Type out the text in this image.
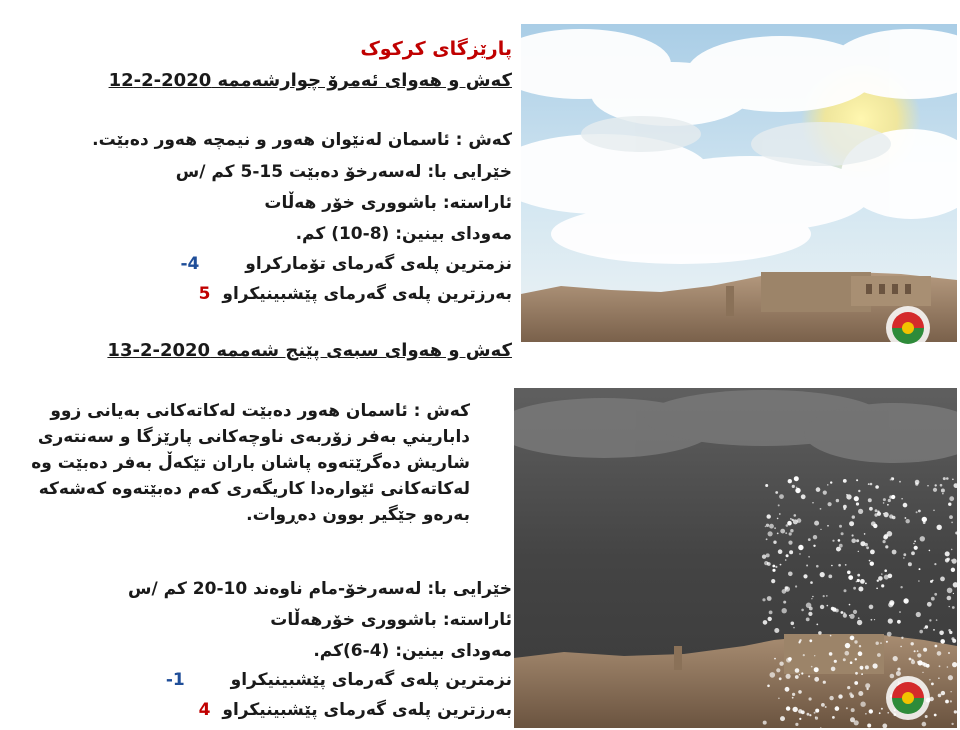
پارێزگای کرکوک
کەش و هەوای ئەمرۆ چوارشەممە 2020-2-12
کەش : ئاسمان لەنێوان هەور و نیمچە هەور دەبێت.
خێرایی با: لەسەرخۆ دەبێت 15-5 کم /س
ئاراستە: باشووری خۆر هەڵات
مەودای بینین: (8-10) کم.
نزمترین پلەی گەرمای تۆمارکراو -4
بەرزترین پلەی گەرمای پێشبینیکراو 5
کەش و هەوای سبەی پێنج شەممە 2020-2-13
کەش : ئاسمان هەور دەبێت لەکاتەکانی بەیانی زوو داباریني بەفر زۆربەی ناوچەکانی پارێزگا و سەنتەری شاریش دەگرێتەوە پاشان باران تێکەڵ بەفر دەبێت وە لەکاتەکانی ئێوارەدا کاریگەری کەم دەبێتەوە کەشەکە بەرەو جێگیر بوون دەڕوات.
خێرایی با: لەسەرخۆ-مام ناوەند 10-20 کم /س
ئاراستە: باشووری خۆرهەڵات
مەودای بینین: (4-6)کم.
نزمترین پلەی گەرمای پێشبینیکراو -1
بەرزترین پلەی گەرمای پێشبینیکراو 4
